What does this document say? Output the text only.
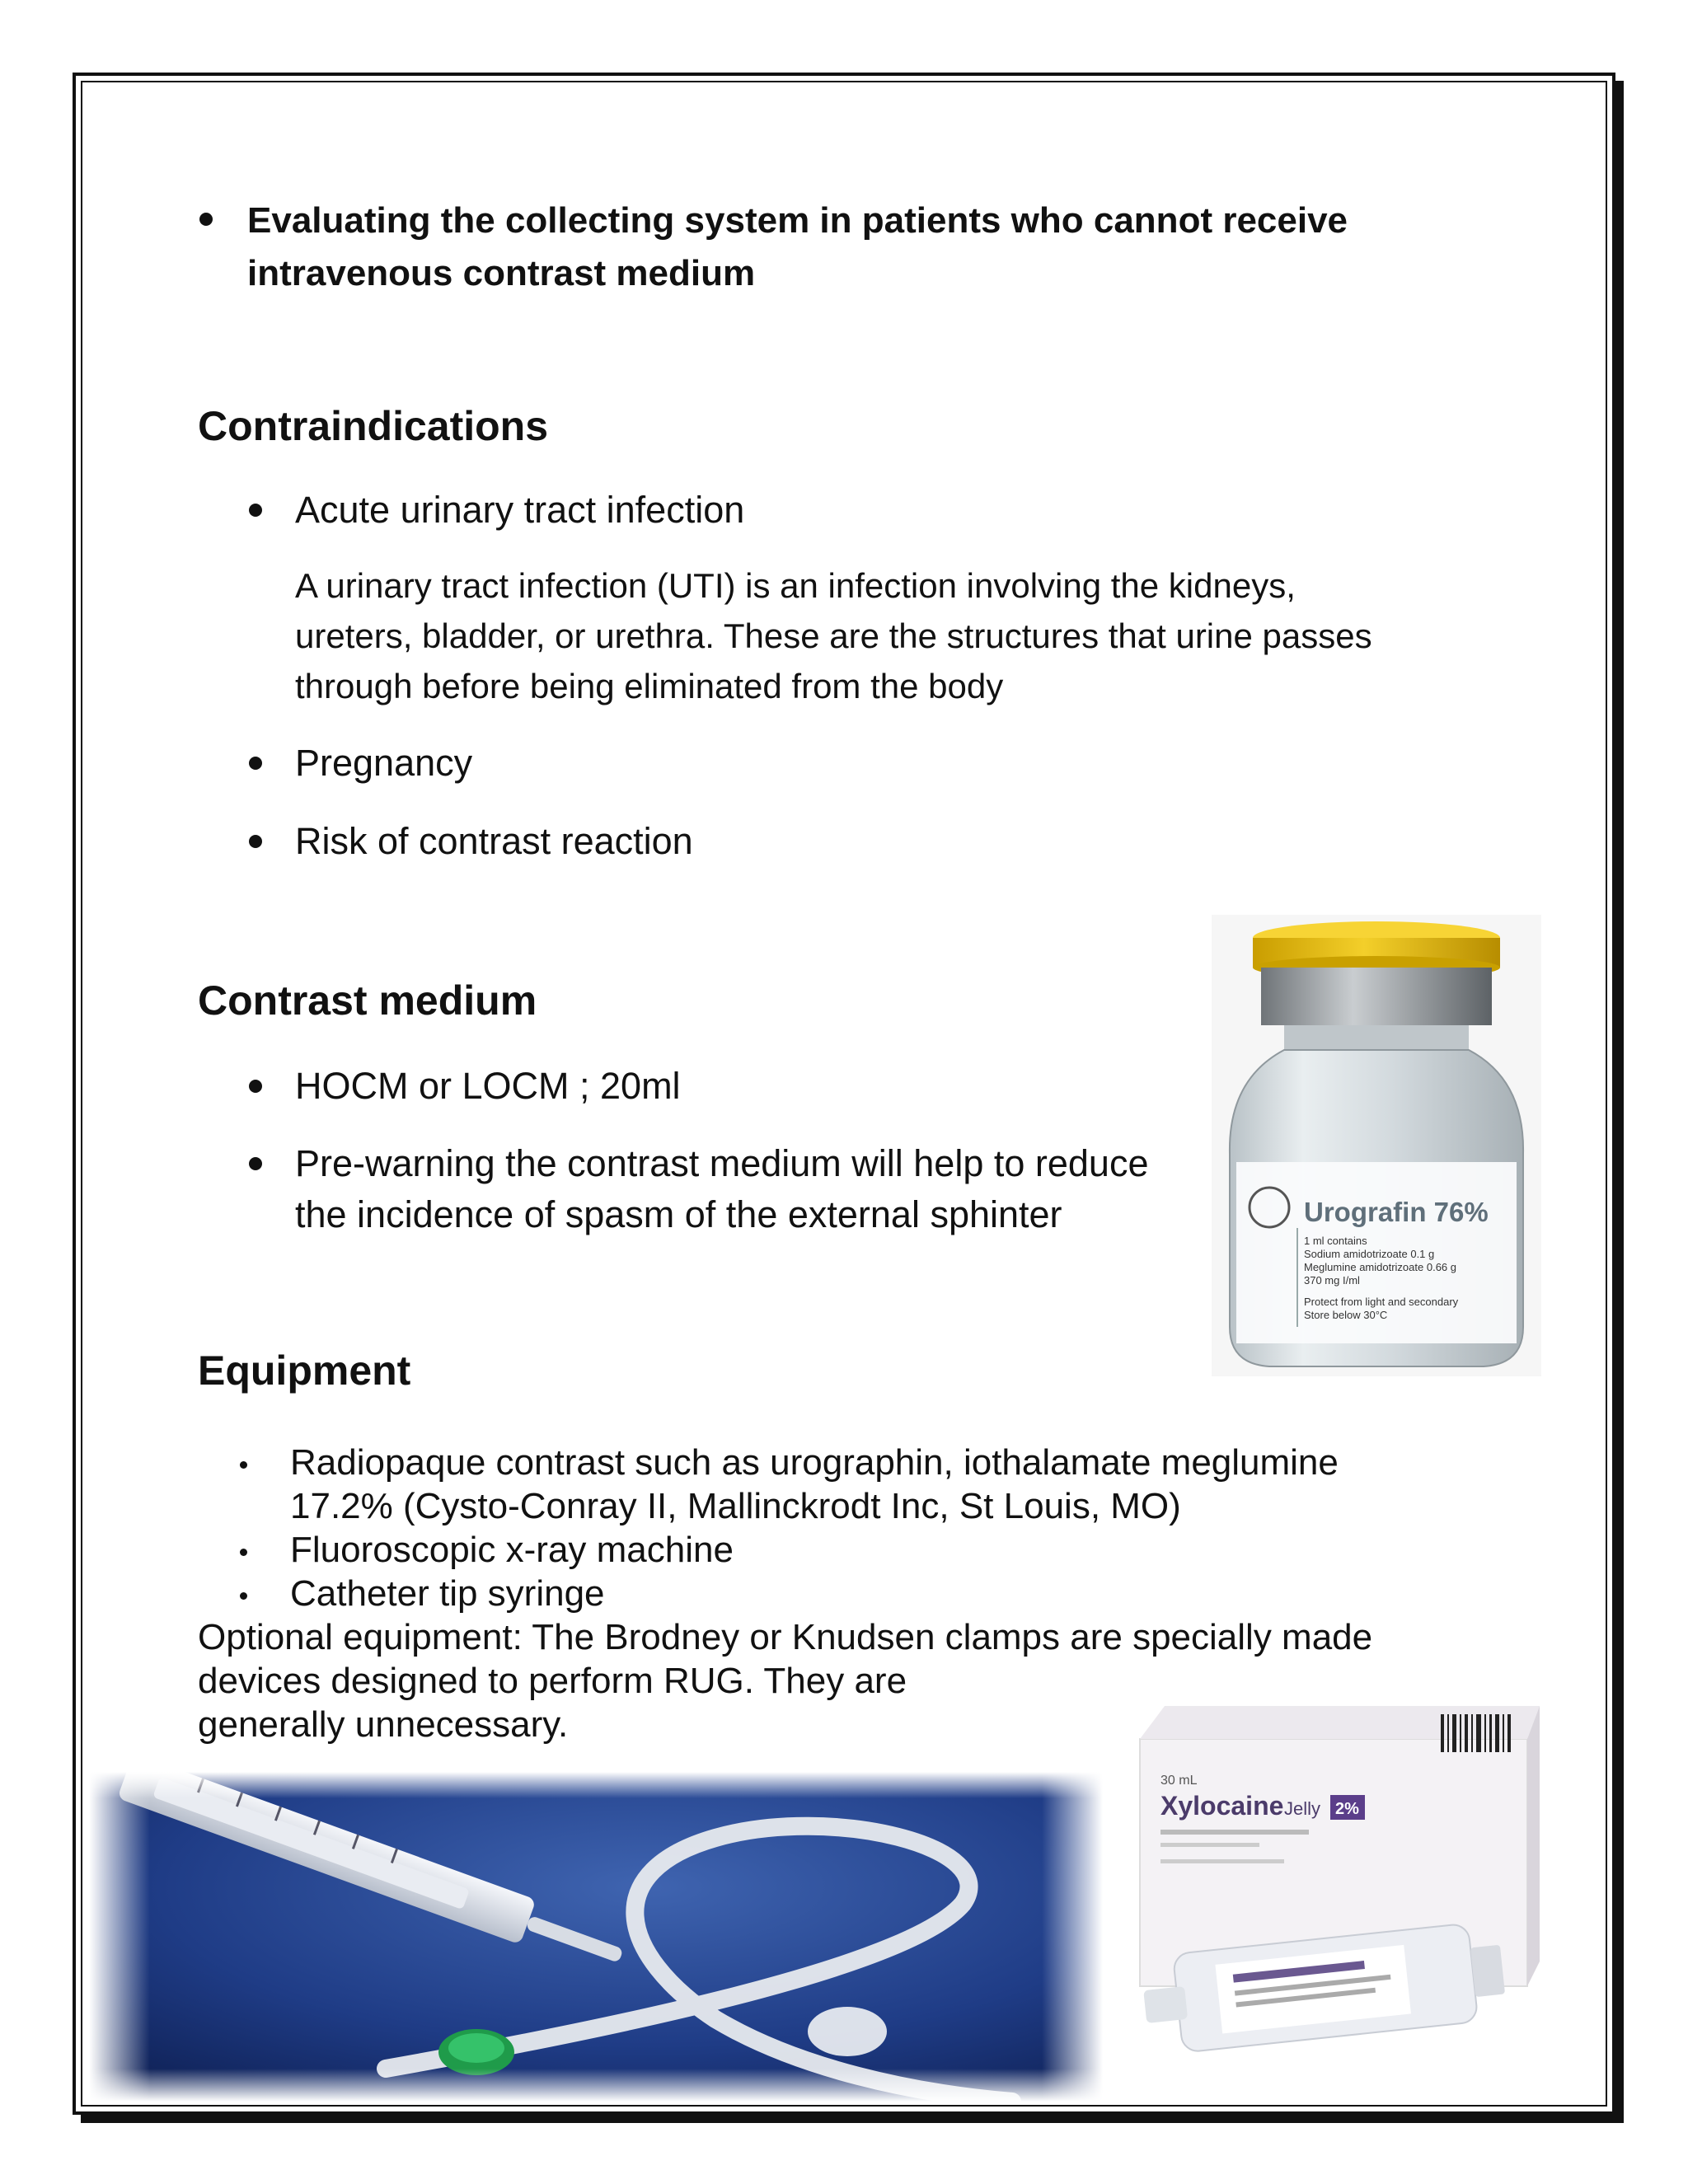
Evaluating the collecting system in patients who cannot receive
intravenous contrast medium
Contraindications
Acute urinary tract infection
A urinary tract infection (UTI) is an infection involving the kidneys,
ureters, bladder, or urethra. These are the structures that urine passes
through before being eliminated from the body
Pregnancy
Risk of contrast reaction
Contrast medium
HOCM or LOCM ; 20ml
Pre-warning the contrast medium will help to reduce
the incidence of spasm of the external sphinter	Urografin 76%
1 ml contains
Sodium amidotrizoate 0.1 g
Meglumine amidotrizoate 0.66 g
370 mg I/ml
Protect from light and secondary
Store below 30°C
Equipment
Radiopaque contrast such as urographin, iothalamate meglumine
17.2% (Cysto-Conray II, Mallinckrodt Inc, St Louis, MO)
Fluoroscopic x-ray machine
Catheter tip syringe
Optional equipment: The Brodney or Knudsen clamps are specially made
devices designed to perform RUG. They are
generally unnecessary.
30 mL
Xylocaine Jelly 2%
